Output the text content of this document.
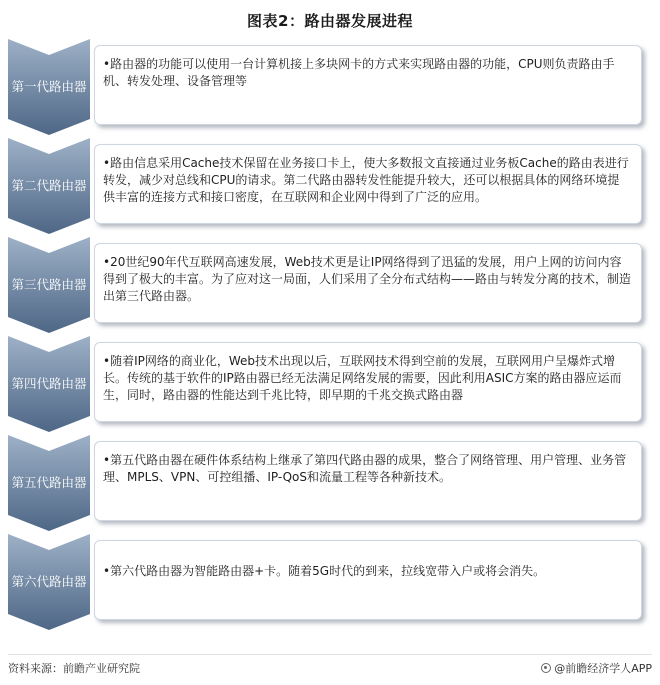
图表2：路由器发展进程
第一代路由器

•路由器的功能可以使用一台计算机接上多块网卡的方式来实现路由器的功能，CPU则负责路由手机、转发处理、设备管理等

第二代路由器

•路由信息采用Cache技术保留在业务接口卡上，使大多数报文直接通过业务板Cache的路由表进行转发，减少对总线和CPU的请求。第二代路由器转发性能提升较大，还可以根据具体的网络环境提供丰富的连接方式和接口密度，在互联网和企业网中得到了广泛的应用。

第三代路由器

•20世纪90年代互联网高速发展，Web技术更是让IP网络得到了迅猛的发展，用户上网的访问内容得到了极大的丰富。为了应对这一局面，人们采用了全分布式结构——路由与转发分离的技术，制造出第三代路由器。

第四代路由器

•随着IP网络的商业化，Web技术出现以后，互联网技术得到空前的发展，互联网用户呈爆炸式增长。传统的基于软件的IP路由器已经无法满足网络发展的需要，因此利用ASIC方案的路由器应运而生，同时，路由器的性能达到千兆比特，即早期的千兆交换式路由器

第五代路由器

•第五代路由器在硬件体系结构上继承了第四代路由器的成果，整合了网络管理、用户管理、业务管理、MPLS、VPN、可控组播、IP-QoS和流量工程等各种新技术。

第六代路由器

•第六代路由器为智能路由器+卡。随着5G时代的到来，拉线宽带入户或将会消失。

资料来源：前瞻产业研究院	@前瞻经济学人APP
